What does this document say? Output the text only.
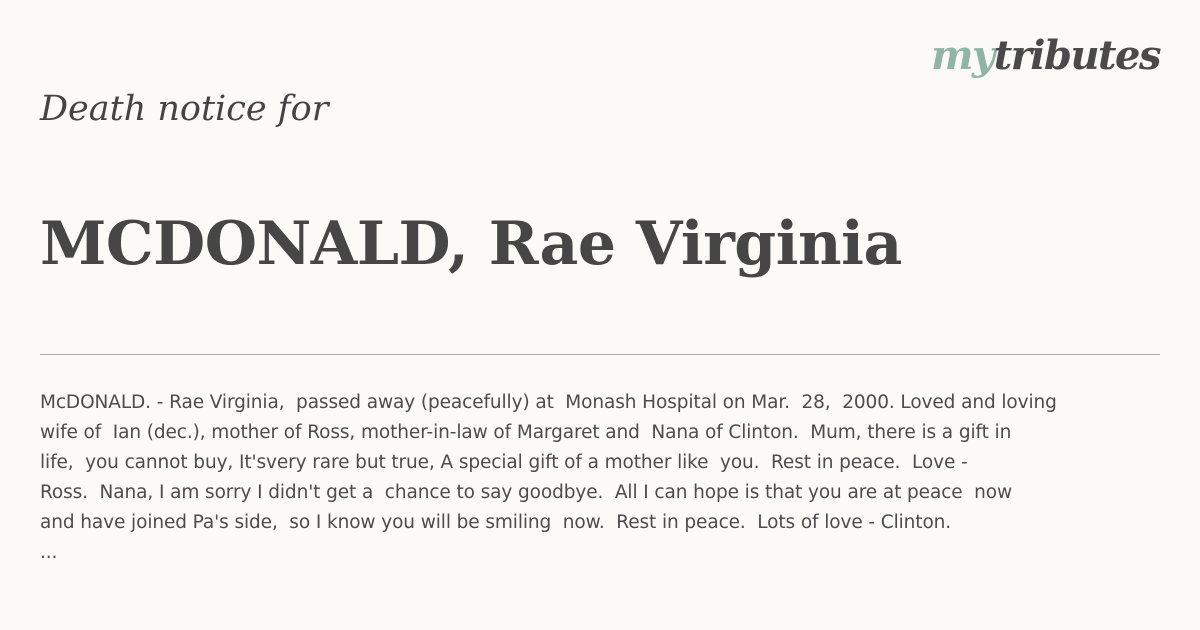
mytributes
Death notice for
MCDONALD, Rae Virginia
McDONALD. - Rae Virginia,  passed away (peacefully) at  Monash Hospital on Mar.  28,  2000. Loved and loving
wife of  Ian (dec.), mother of Ross, mother-in-law of Margaret and  Nana of Clinton.  Mum, there is a gift in
life,  you cannot buy, It'svery rare but true, A special gift of a mother like  you.  Rest in peace.  Love -
Ross.  Nana, I am sorry I didn't get a  chance to say goodbye.  All I can hope is that you are at peace  now
and have joined Pa's side,  so I know you will be smiling  now.  Rest in peace.  Lots of love - Clinton.
...
